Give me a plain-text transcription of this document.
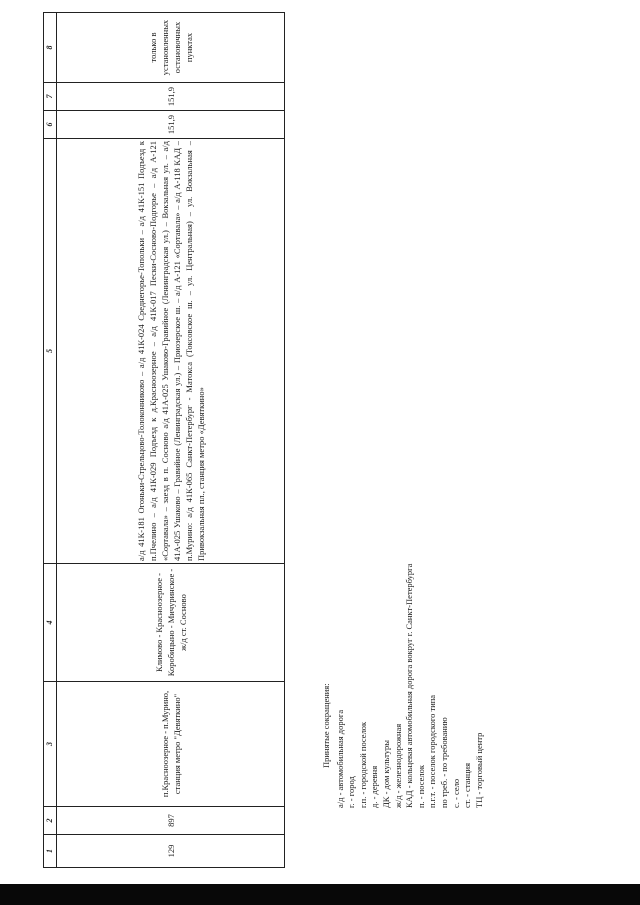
1	2	3	4	5	6	7	8
129	897	п.Красноозерное - п.Мурино, станция метро "Девяткино"	Климово - Красноозерное - Коробицыно - Мичуринское - ж/д ст. Сосново	а/д 41К-181 Огоньки-Стрельцово-Толоконниково – а/д 41К-024 Среднегорье-Топольки – а/д 41К-151 Подъезд к п.Пчелино – а/д 41К-029 Подъезд к д.Красноозерное – а/д 41К-017 Пески-Сосново-Подгорье – а/д А-121 «Сортавала» – заезд в п. Сосново а/д 41А-025 Ушаково-Гравийное (Ленинградская ул.) – Вокзальная ул. – а/д 41А-025 Ушаково – Гравийное (Ленинградская ул.) – Приозерское ш. – а/д А-121 «Сортавала» – а/д А-118 КАД – п.Мурино: а/д 41К-065 Санкт-Петербург - Матокса (Токсовское ш. – ул. Центральная) – ул. Вокзальная – Привокзальная пл., станция метро «Девяткино»	151,9	151,9	только в установленных остановочных пунктах
Принятые сокращения: а/д - автомобильная дорога г. - город г.п. - городской поселок д. - деревня ДК - дом культуры ж/д - железнодорожная КАД - кольцевая автомобильная дорога вокруг г. Санкт-Петербурга п. - поселок п.г.т. - поселок городского типа по треб. - по требованию с. - село ст. - станция ТЦ - торговый центр
